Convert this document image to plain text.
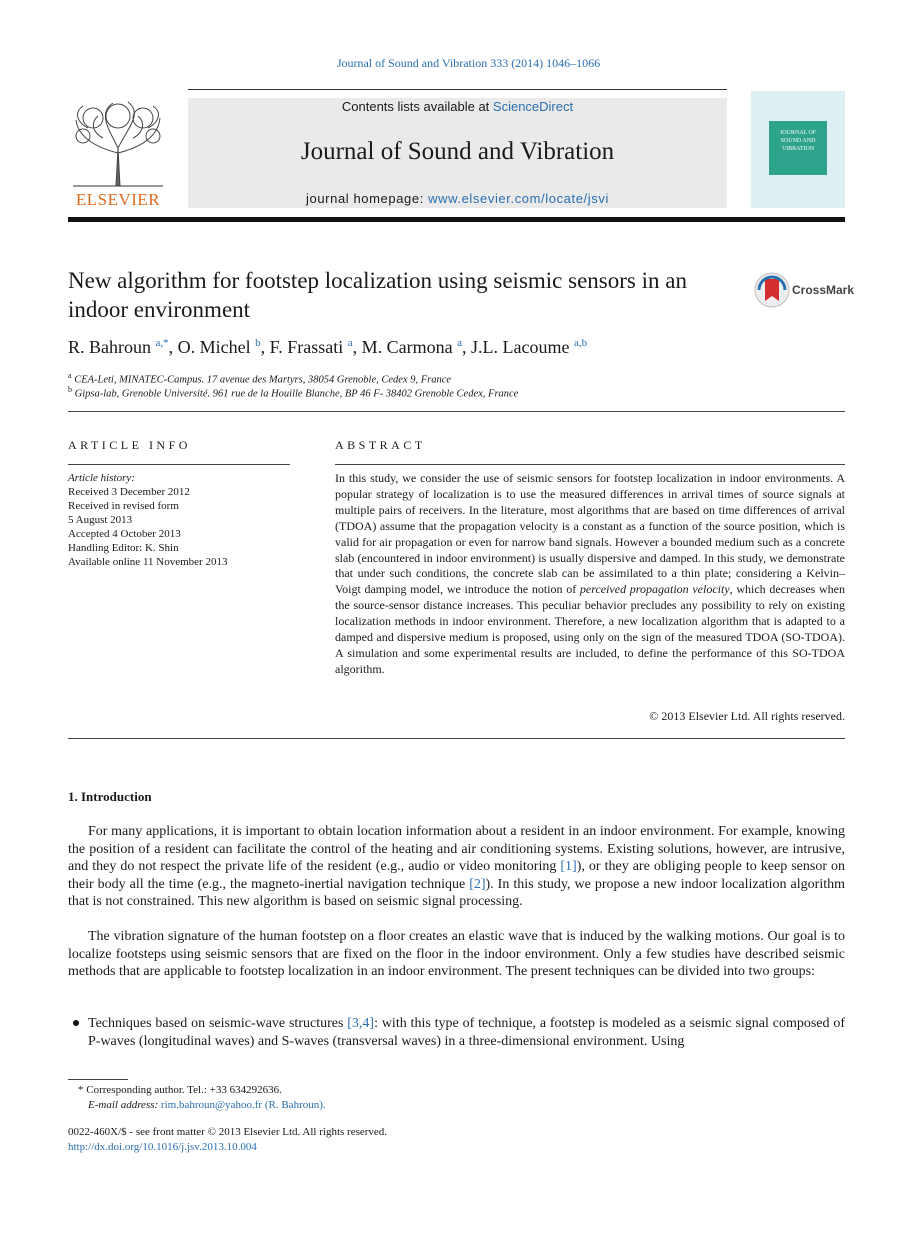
Journal of Sound and Vibration 333 (2014) 1046–1066
ELSEVIER
Contents lists available at ScienceDirect
Journal of Sound and Vibration
journal homepage: www.elsevier.com/locate/jsvi
JOURNAL OF SOUND AND VIBRATION
New algorithm for footstep localization using seismic sensors in an indoor environment
CrossMark
R. Bahroun $^{a,*}$, O. Michel $^b$, F. Frassati $^a$, M. Carmona $^a$, J.L. Lacoume $^{a,b}$
$^a$ CEA-Leti, MINATEC-Campus. 17 avenue des Martyrs, 38054 Grenoble, Cedex 9, France
$^b$ Gipsa-lab, Grenoble Université. 961 rue de la Houille Blanche, BP 46 F- 38402 Grenoble Cedex, France
ARTICLE INFO
Article history:
Received 3 December 2012
Received in revised form
5 August 2013
Accepted 4 October 2013
Handling Editor: K. Shin
Available online 11 November 2013
ABSTRACT
In this study, we consider the use of seismic sensors for footstep localization in indoor environments. A popular strategy of localization is to use the measured differences in arrival times of source signals at multiple pairs of receivers. In the literature, most algorithms that are based on time differences of arrival (TDOA) assume that the propagation velocity is a constant as a function of the source position, which is valid for air propagation or even for narrow band signals. However a bounded medium such as a concrete slab (encountered in indoor environment) is usually dispersive and damped. In this study, we demonstrate that under such conditions, the concrete slab can be assimilated to a thin plate; considering a Kelvin–Voigt damping model, we introduce the notion of perceived propagation velocity, which decreases when the source-sensor distance increases. This peculiar behavior precludes any possibility to rely on existing localization methods in indoor environment. Therefore, a new localization algorithm that is adapted to a damped and dispersive medium is proposed, using only on the sign of the measured TDOA (SO-TDOA). A simulation and some experimental results are included, to define the performance of this SO-TDOA algorithm.
© 2013 Elsevier Ltd. All rights reserved.
1. Introduction
For many applications, it is important to obtain location information about a resident in an indoor environment. For example, knowing the position of a resident can facilitate the control of the heating and air conditioning systems. Existing solutions, however, are intrusive, and they do not respect the private life of the resident (e.g., audio or video monitoring [1]), or they are obliging people to keep sensor on their body all the time (e.g., the magneto-inertial navigation technique [2]). In this study, we propose a new indoor localization algorithm that is not constrained. This new algorithm is based on seismic signal processing.
The vibration signature of the human footstep on a floor creates an elastic wave that is induced by the walking motions. Our goal is to localize footsteps using seismic sensors that are fixed on the floor in the indoor environment. Only a few studies have described seismic methods that are applicable to footstep localization in an indoor environment. The present techniques can be divided into two groups:
Techniques based on seismic-wave structures [3,4]: with this type of technique, a footstep is modeled as a seismic signal composed of P-waves (longitudinal waves) and S-waves (transversal waves) in a three-dimensional environment. Using
* Corresponding author. Tel.: +33 634292636.
E-mail address: rim.bahroun@yahoo.fr (R. Bahroun).
0022-460X/$ - see front matter © 2013 Elsevier Ltd. All rights reserved.
http://dx.doi.org/10.1016/j.jsv.2013.10.004
